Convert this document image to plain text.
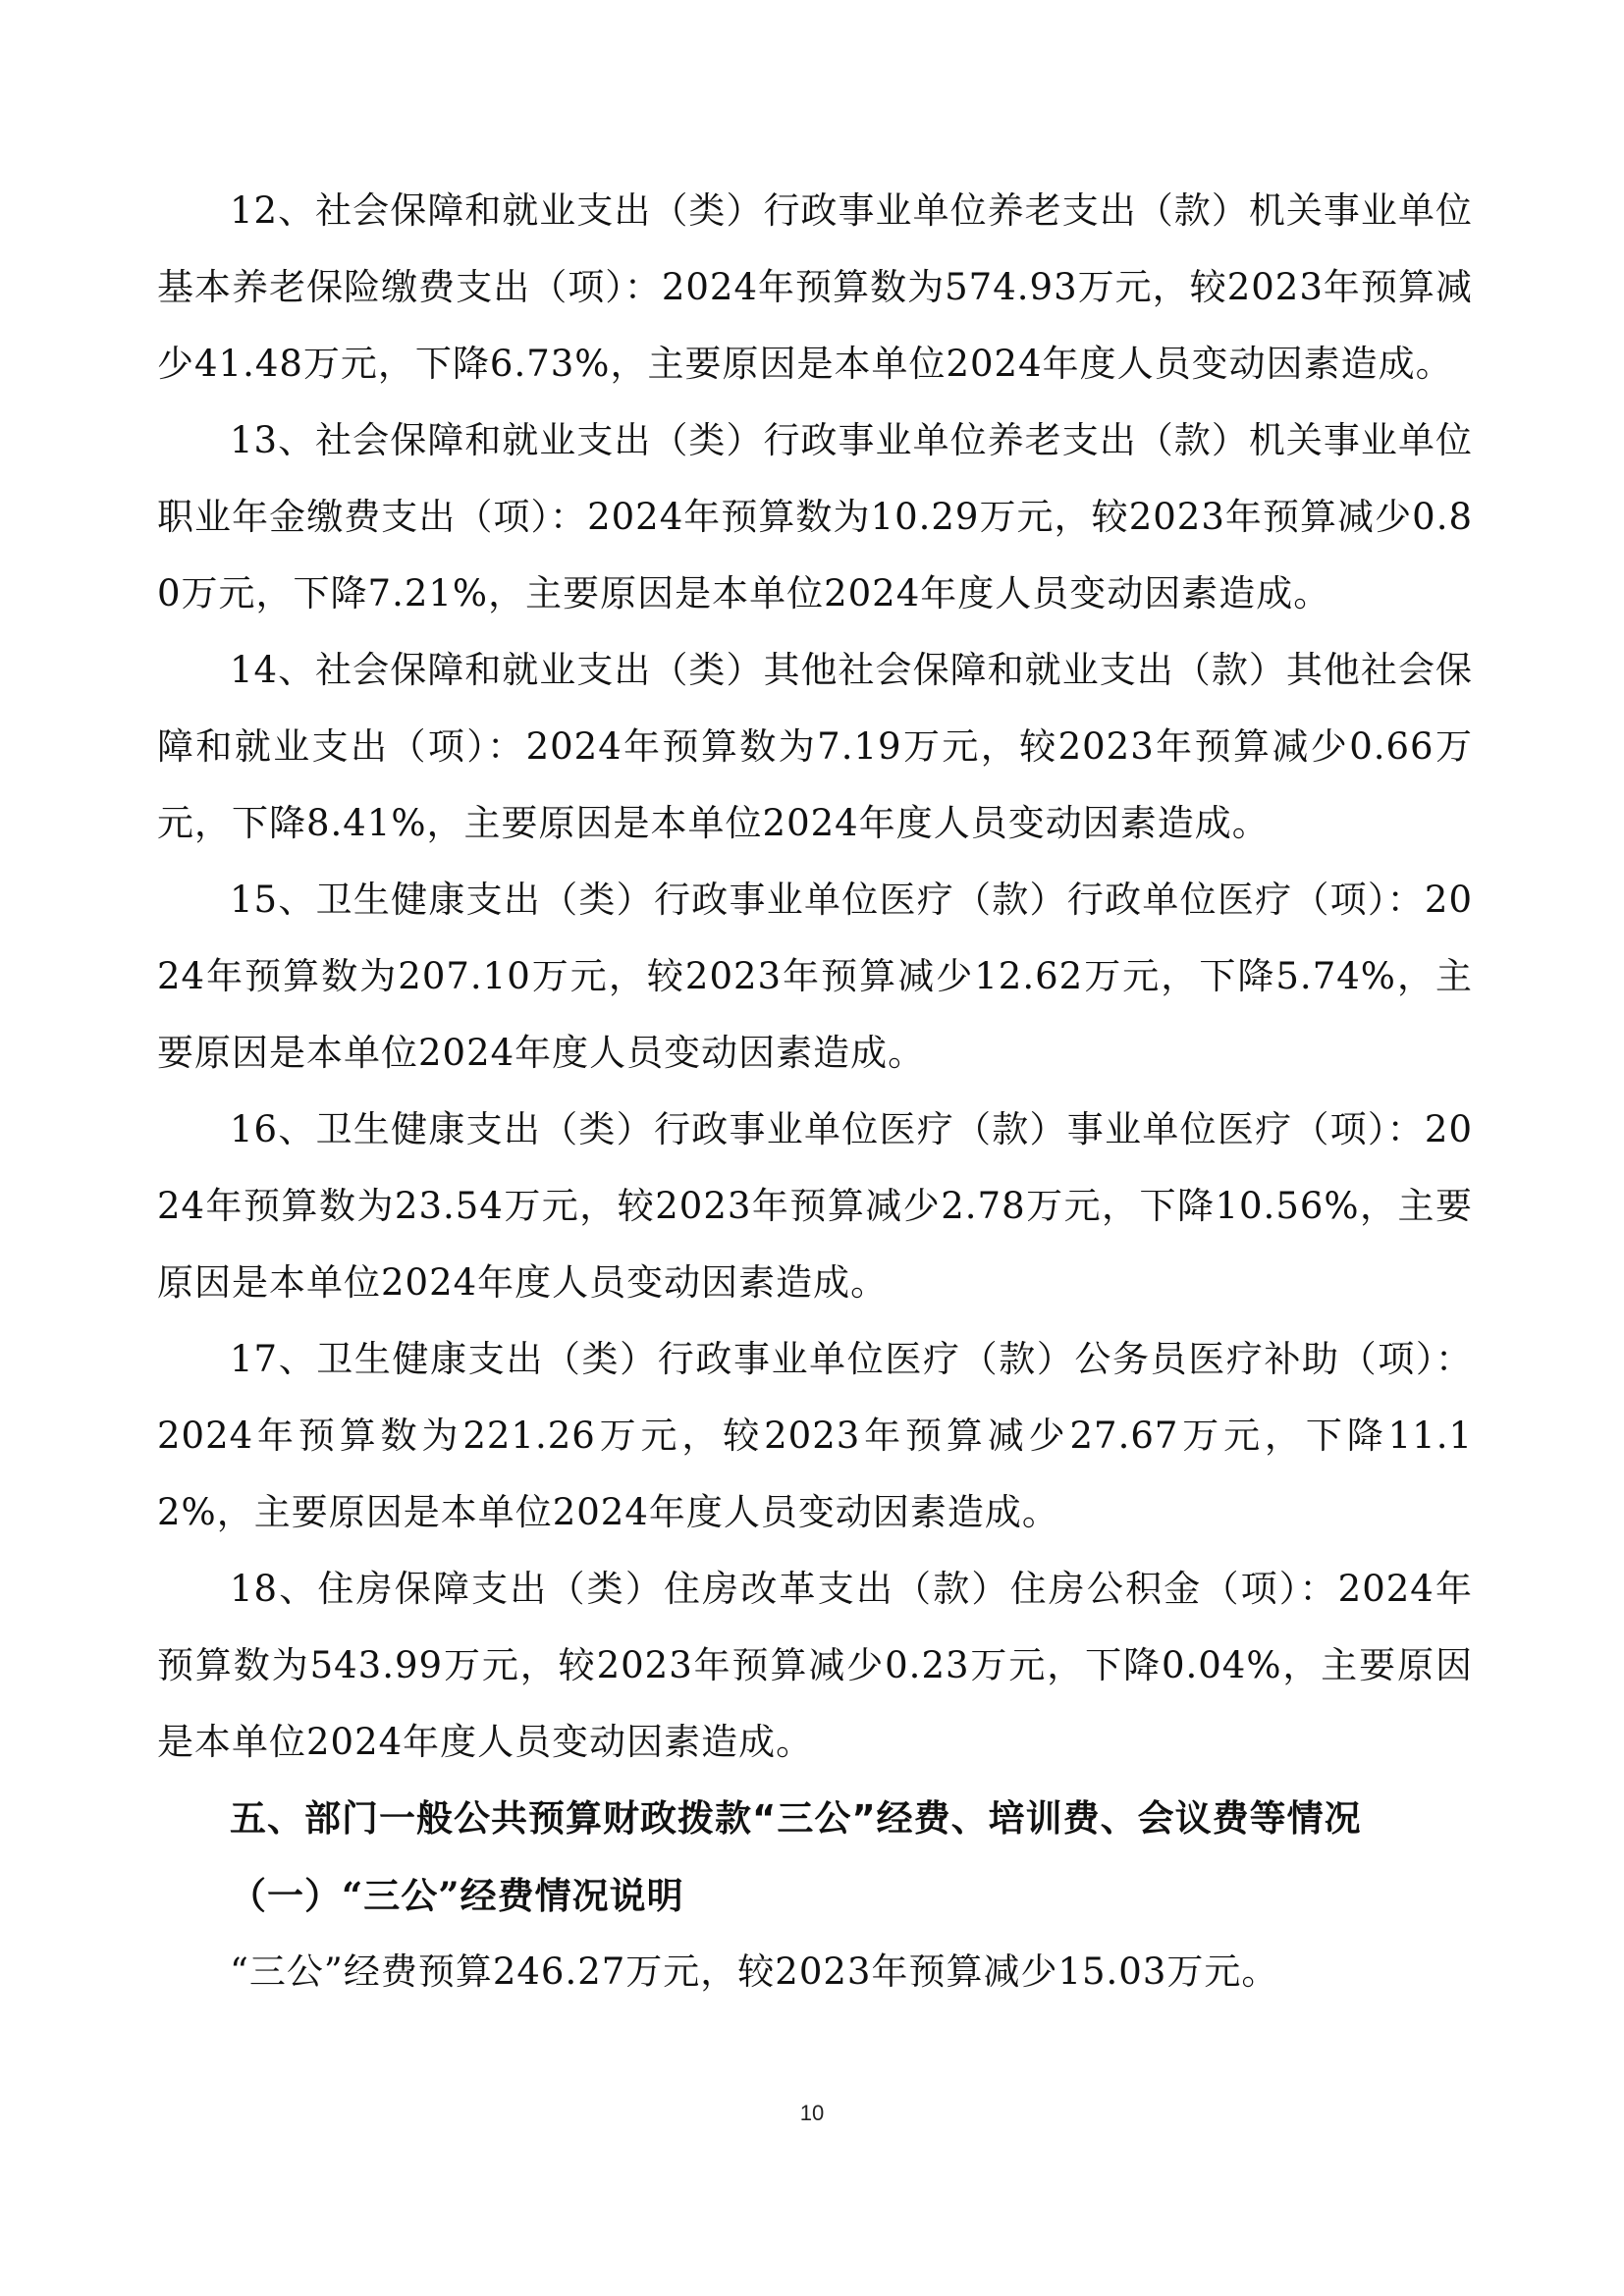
12、社会保障和就业支出（类）行政事业单位养老支出（款）机关事业单位基本养老保险缴费支出（项）：2024年预算数为574.93万元，较2023年预算减少41.48万元，下降6.73%，主要原因是本单位2024年度人员变动因素造成。

13、社会保障和就业支出（类）行政事业单位养老支出（款）机关事业单位职业年金缴费支出（项）：2024年预算数为10.29万元，较2023年预算减少0.80万元，下降7.21%，主要原因是本单位2024年度人员变动因素造成。

14、社会保障和就业支出（类）其他社会保障和就业支出（款）其他社会保障和就业支出（项）：2024年预算数为7.19万元，较2023年预算减少0.66万元，下降8.41%，主要原因是本单位2024年度人员变动因素造成。

15、卫生健康支出（类）行政事业单位医疗（款）行政单位医疗（项）：2024年预算数为207.10万元，较2023年预算减少12.62万元，下降5.74%，主要原因是本单位2024年度人员变动因素造成。

16、卫生健康支出（类）行政事业单位医疗（款）事业单位医疗（项）：2024年预算数为23.54万元，较2023年预算减少2.78万元，下降10.56%，主要原因是本单位2024年度人员变动因素造成。

17、卫生健康支出（类）行政事业单位医疗（款）公务员医疗补助（项）：2024年预算数为221.26万元，较2023年预算减少27.67万元，下降11.12%，主要原因是本单位2024年度人员变动因素造成。

18、住房保障支出（类）住房改革支出（款）住房公积金（项）：2024年预算数为543.99万元，较2023年预算减少0.23万元，下降0.04%，主要原因是本单位2024年度人员变动因素造成。

五、部门一般公共预算财政拨款“三公”经费、培训费、会议费等情况

（一）“三公”经费情况说明

“三公”经费预算246.27万元，较2023年预算减少15.03万元。

10
